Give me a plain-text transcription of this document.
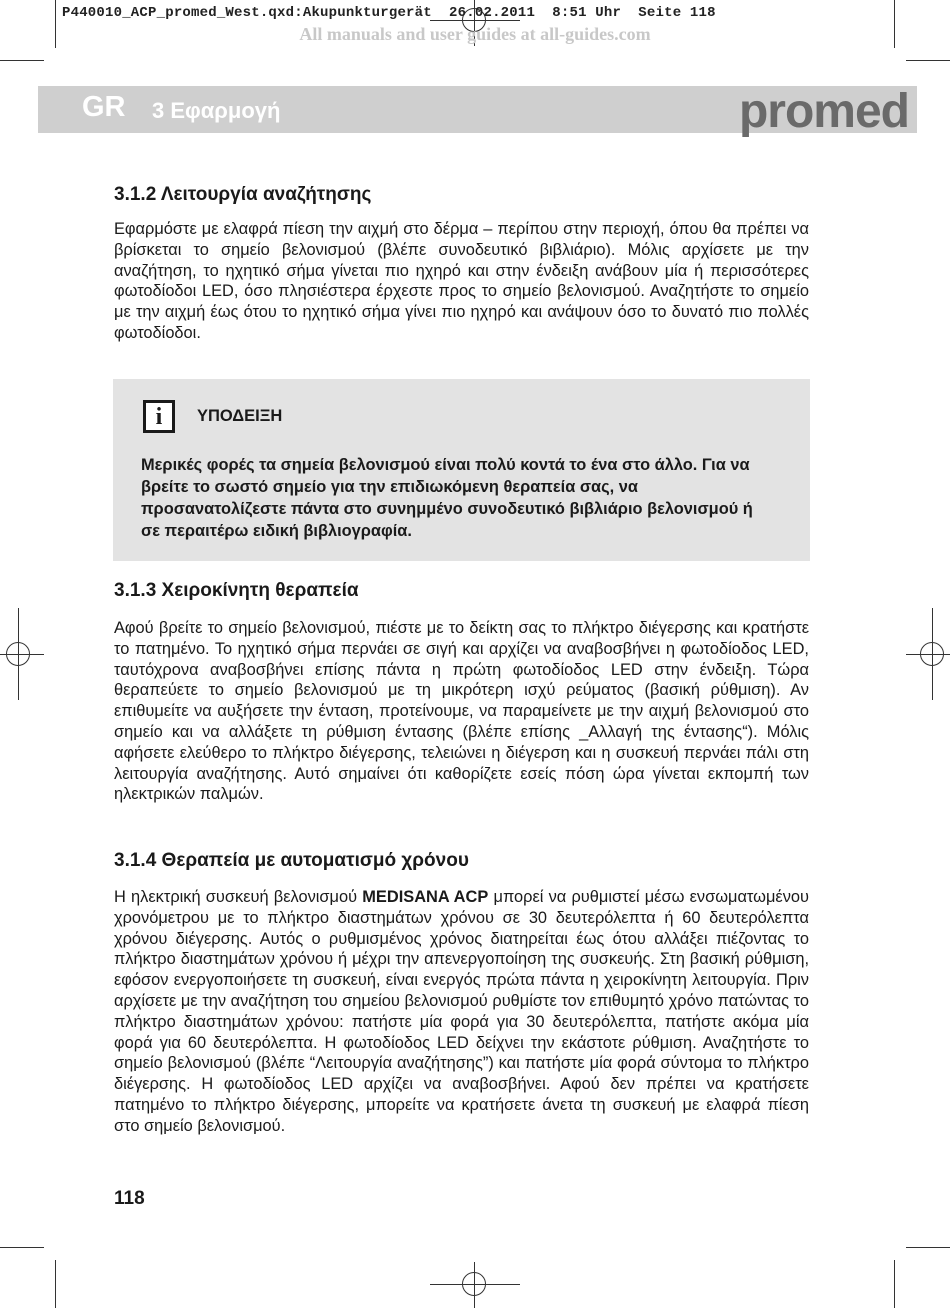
P440010_ACP_promed_West.qxd:Akupunkturgerät  26.02.2011  8:51 Uhr  Seite 118
All manuals and user guides at all-guides.com
GR 3 Εφαρμογή	promed
3.1.2 Λειτουργία αναζήτησης

Εφαρμόστε με ελαφρά πίεση την αιχμή στο δέρμα – περίπου στην περιοχή, όπου θα πρέπει να βρίσκεται το σημείο βελονισμού (βλέπε συνοδευτικό βιβλιάριο). Μόλις αρχίσετε με την αναζήτηση, το ηχητικό σήμα γίνεται πιο ηχηρό και στην ένδειξη ανάβουν μία ή περισσότερες φωτοδίοδοι LED, όσο πλησιέστερα έρχεστε προς το σημείο βελονισμού. Αναζητήστε το σημείο με την αιχμή έως ότου το ηχητικό σήμα γίνει πιο ηχηρό και ανάψουν όσο το δυνατό πιο πολλές φωτοδίοδοι.

i	ΥΠΟΔΕΙΞΗ
Μερικές φορές τα σημεία βελονισμού είναι πολύ κοντά το ένα στο άλλο. Για να βρείτε το σωστό σημείο για την επιδιωκόμενη θεραπεία σας, να προσανατολίζεστε πάντα στο συνημμένο συνοδευτικό βιβλιάριο βελονισμού ή σε περαιτέρω ειδική βιβλιογραφία.
3.1.3 Χειροκίνητη θεραπεία

Αφού βρείτε το σημείο βελονισμού, πιέστε με το δείκτη σας το πλήκτρο διέγερσης και κρατήστε το πατημένο. Το ηχητικό σήμα περνάει σε σιγή και αρχίζει να αναβοσβήνει η φωτοδίοδος LED, ταυτόχρονα αναβοσβήνει επίσης πάντα η πρώτη φωτοδίοδος LED στην ένδειξη. Τώρα θεραπεύετε το σημείο βελονισμού με τη μικρότερη ισχύ ρεύματος (βασική ρύθμιση). Αν επιθυμείτε να αυξήσετε την ένταση, προτείνουμε, να παραμείνετε με την αιχμή βελονισμού στο σημείο και να αλλάξετε τη ρύθμιση έντασης (βλέπε επίσης _Αλλαγή της έντασης“). Μόλις αφήσετε ελεύθερο το πλήκτρο διέγερσης, τελειώνει η διέγερση και η συσκευή περνάει πάλι στη λειτουργία αναζήτησης. Αυτό σημαίνει ότι καθορίζετε εσείς πόση ώρα γίνεται εκπομπή των ηλεκτρικών παλμών.

3.1.4 Θεραπεία με αυτοματισμό χρόνου

Η ηλεκτρική συσκευή βελονισμού MEDISANA ACP μπορεί να ρυθμιστεί μέσω ενσωματωμένου χρονόμετρου με το πλήκτρο διαστημάτων χρόνου σε 30 δευτερόλεπτα ή 60 δευτερόλεπτα χρόνου διέγερσης. Αυτός ο ρυθμισμένος χρόνος διατηρείται έως ότου αλλάξει πιέζοντας το πλήκτρο διαστημάτων χρόνου ή μέχρι την απενεργοποίηση της συσκευής. Στη βασική ρύθμιση, εφόσον ενεργοποιήσετε τη συσκευή, είναι ενεργός πρώτα πάντα η χειροκίνητη λειτουργία. Πριν αρχίσετε με την αναζήτηση του σημείου βελονισμού ρυθμίστε τον επιθυμητό χρόνο πατώντας το πλήκτρο διαστημάτων χρόνου: πατήστε μία φορά για 30 δευτερόλεπτα, πατήστε ακόμα μία φορά για 60 δευτερόλεπτα. Η φωτοδίοδος LED δείχνει την εκάστοτε ρύθμιση. Αναζητήστε το σημείο βελονισμού (βλέπε “Λειτουργία αναζήτησης”) και πατήστε μία φορά σύντομα το πλήκτρο διέγερσης. Η φωτοδίοδος LED αρχίζει να αναβοσβήνει. Αφού δεν πρέπει να κρατήσετε πατημένο το πλήκτρο διέγερσης, μπορείτε να κρατήσετε άνετα τη συσκευή με ελαφρά πίεση στο σημείο βελονισμού.

118
